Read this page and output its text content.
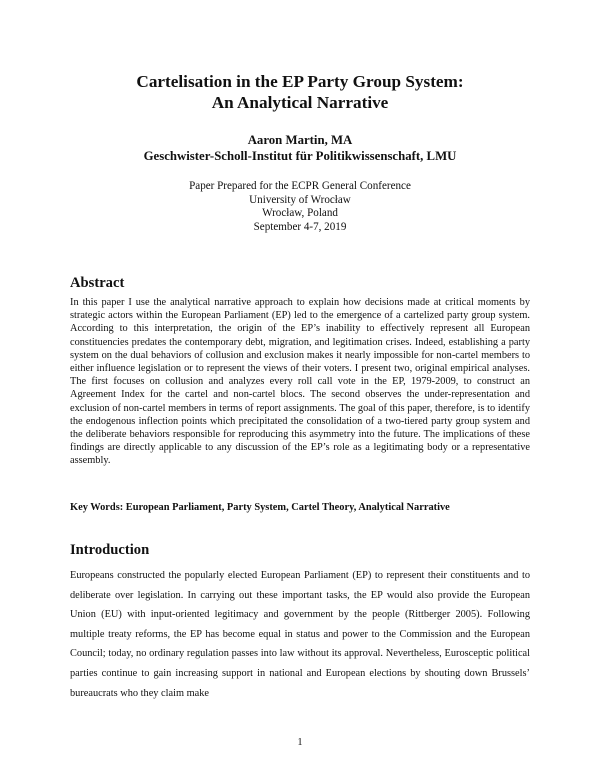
Cartelisation in the EP Party Group System:
An Analytical Narrative
Aaron Martin, MA
Geschwister-Scholl-Institut für Politikwissenschaft, LMU
Paper Prepared for the ECPR General Conference
University of Wrocław
Wrocław, Poland
September 4-7, 2019
Abstract

In this paper I use the analytical narrative approach to explain how decisions made at critical moments by strategic actors within the European Parliament (EP) led to the emergence of a cartelized party group system. According to this interpretation, the origin of the EP’s inability to effectively represent all European constituencies predates the contemporary debt, migration, and legitimation crises. Indeed, establishing a party system on the dual behaviors of collusion and exclusion makes it nearly impossible for non-cartel members to either influence legislation or to represent the views of their voters. I present two, original empirical analyses. The first focuses on collusion and analyzes every roll call vote in the EP, 1979-2009, to construct an Agreement Index for the cartel and non-cartel blocs. The second observes the under-representation and exclusion of non-cartel members in terms of report assignments. The goal of this paper, therefore, is to identify the endogenous inflection points which precipitated the consolidation of a two-tiered party group system and the deliberate behaviors responsible for reproducing this asymmetry into the future. The implications of these findings are directly applicable to any discussion of the EP’s role as a legitimating body or a representative assembly.

Key Words: European Parliament, Party System, Cartel Theory, Analytical Narrative

Introduction

Europeans constructed the popularly elected European Parliament (EP) to represent their constituents and to deliberate over legislation. In carrying out these important tasks, the EP would also provide the European Union (EU) with input-oriented legitimacy and government by the people (Rittberger 2005). Following multiple treaty reforms, the EP has become equal in status and power to the Commission and the European Council; today, no ordinary regulation passes into law without its approval. Nevertheless, Eurosceptic political parties continue to gain increasing support in national and European elections by shouting down Brussels’ bureaucrats who they claim make

1
